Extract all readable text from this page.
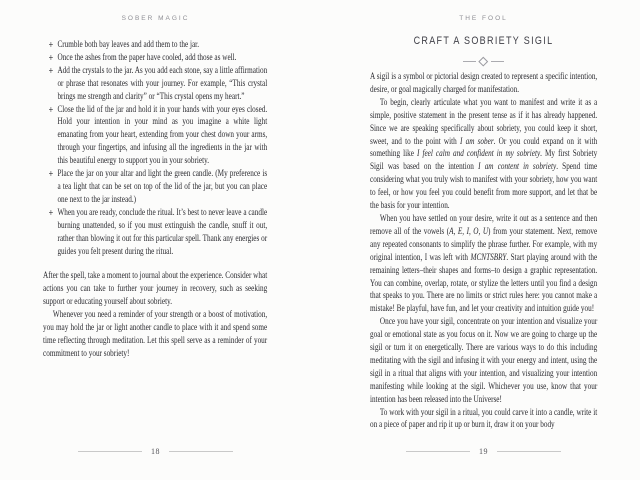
SOBER MAGIC
+ Crumble both bay leaves and add them to the jar.
+ Once the ashes from the paper have cooled, add those as well.
+ Add the crystals to the jar. As you add each stone, say a little affirmation or phrase that resonates with your journey. For example, “This crystal brings me strength and clarity” or “This crystal opens my heart.”
+ Close the lid of the jar and hold it in your hands with your eyes closed. Hold your intention in your mind as you imagine a white light emanating from your heart, extending from your chest down your arms, through your fingertips, and infusing all the ingredients in the jar with this beautiful energy to support you in your sobriety.
+ Place the jar on your altar and light the green candle. (My preference is a tea light that can be set on top of the lid of the jar, but you can place one next to the jar instead.)
+ When you are ready, conclude the ritual. It’s best to never leave a candle burning unattended, so if you must extinguish the candle, snuff it out, rather than blowing it out for this particular spell. Thank any energies or guides you felt present during the ritual.

After the spell, take a moment to journal about the experience. Consider what actions you can take to further your journey in recovery, such as seeking support or educating yourself about sobriety.

Whenever you need a reminder of your strength or a boost of motivation, you may hold the jar or light another candle to place with it and spend some time reflecting through meditation. Let this spell serve as a reminder of your commitment to your sobriety!

18
THE FOOL
CRAFT A SOBRIETY SIGIL

A sigil is a symbol or pictorial design created to represent a specific intention, desire, or goal magically charged for manifestation.

To begin, clearly articulate what you want to manifest and write it as a simple, positive statement in the present tense as if it has already happened. Since we are speaking specifically about sobriety, you could keep it short, sweet, and to the point with I am sober. Or you could expand on it with something like I feel calm and confident in my sobriety. My first Sobriety Sigil was based on the intention I am content in sobriety. Spend time considering what you truly wish to manifest with your sobriety, how you want to feel, or how you feel you could benefit from more support, and let that be the basis for your intention.

When you have settled on your desire, write it out as a sentence and then remove all of the vowels (A, E, I, O, U) from your statement. Next, remove any repeated consonants to simplify the phrase further. For example, with my original intention, I was left with MCNTSBRY. Start playing around with the remaining letters–their shapes and forms–to design a graphic representation. You can combine, overlap, rotate, or stylize the letters until you find a design that speaks to you. There are no limits or strict rules here: you cannot make a mistake! Be playful, have fun, and let your creativity and intuition guide you!

Once you have your sigil, concentrate on your intention and visualize your goal or emotional state as you focus on it. Now we are going to charge up the sigil or turn it on energetically. There are various ways to do this including meditating with the sigil and infusing it with your energy and intent, using the sigil in a ritual that aligns with your intention, and visualizing your intention manifesting while looking at the sigil. Whichever you use, know that your intention has been released into the Universe!

To work with your sigil in a ritual, you could carve it into a candle, write it on a piece of paper and rip it up or burn it, draw it on your body

19
